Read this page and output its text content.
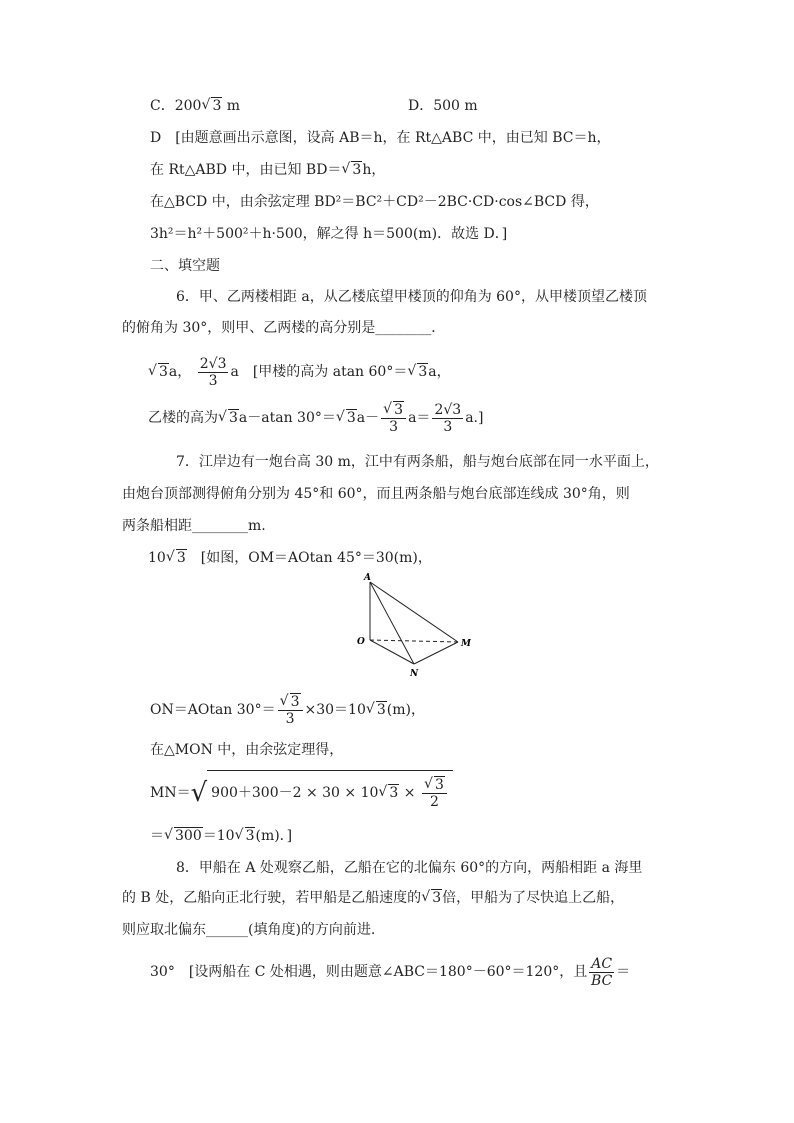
C．200√ 3 m	D．500 m
D　[由题意画出示意图，设高 AB＝h，在 Rt△ABC 中，由已知 BC＝h，
在 Rt△ABD 中，由已知 BD＝√ 3h，
在△BCD 中，由余弦定理 BD²＝BC²＋CD²－2BC·CD·cos∠BCD 得，
3h²＝h²＋500²＋h·500，解之得 h＝500(m)．故选 D．]
二、填空题
6．甲、乙两楼相距 a，从乙楼底望甲楼顶的仰角为 60°，从甲楼顶望乙楼顶
的俯角为 30°，则甲、乙两楼的高分别是________．
√ 3a， $\frac{2√3}{3}$ a　[甲楼的高为 atan 60°＝√ 3a，
乙楼的高为√ 3a－atan 30°＝√ 3a－
√ $\frac{3}{3} a= \frac{2√3}{3} a$.]
7．江岸边有一炮台高 30 m，江中有两条船，船与炮台底部在同一水平面上，
由炮台顶部测得俯角分别为 45°和 60°，而且两条船与炮台底部连线成 30°角，则
两条船相距________m.
10√ 3　[如图，OM＝AOtan 45°＝30(m)，
A
O	M
N
ON＝AOtan 30°＝
√ $\frac{3}{3} \times 30=10√$ 3(m)，
在△MON 中，由余弦定理得，
MN＝√ 900＋300－2 × 30 × 10√ 3 ×
√ $\frac{3}{2}$
＝√ 300＝10√ 3(m)．]
8．甲船在 A 处观察乙船，乙船在它的北偏东 60°的方向，两船相距 a 海里
的 B 处，乙船向正北行驶，若甲船是乙船速度的√ 3倍，甲船为了尽快追上乙船，
则应取北偏东______(填角度)的方向前进.
30°　[设两船在 C 处相遇，则由题意∠ABC＝180°－60°＝120°，且 $\frac{AC}{BC}$ ＝
